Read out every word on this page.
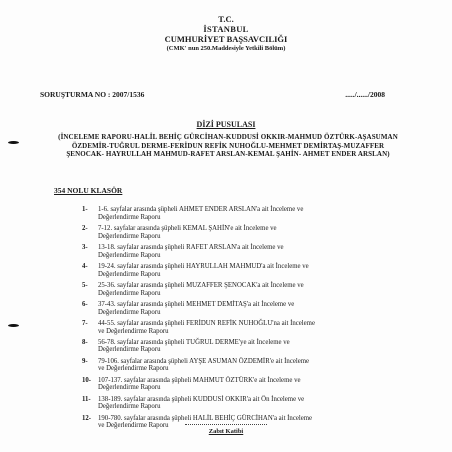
T.C.
İSTANBUL
CUMHURİYET BAŞSAVCILIĞI
(CMK' nun 250.Maddesiyle Yetkili Bölüm)
SORUŞTURMA NO : 2007/1536	...../....../2008
DİZİ PUSULASI
(İNCELEME RAPORU-HALİL BEHİÇ GÜRCİHAN-KUDDUSİ OKKIR-MAHMUD ÖZTÜRK-AŞASUMAN ÖZDEMİR-TUĞRUL DERME-FERİDUN REFİK NUHOĞLU-MEHMET DEMİRTAŞ-MUZAFFER ŞENOCAK- HAYRULLAH MAHMUD-RAFET ARSLAN-KEMAL ŞAHİN- AHMET ENDER ARSLAN)
354 NOLU KLASÖR
1- 1-6. sayfalar arasında şüpheli AHMET ENDER ARSLAN'a ait İnceleme ve
Değerlendirme Raporu
2- 7-12. sayfalar arasında şüpheli KEMAL ŞAHİN'e ait İnceleme ve
Değerlendirme Raporu
3- 13-18. sayfalar arasında şüpheli RAFET ARSLAN'a ait İnceleme ve
Değerlendirme Raporu
4- 19-24. sayfalar arasında şüpheli HAYRULLAH MAHMUD'a ait İnceleme ve
Değerlendirme Raporu
5- 25-36. sayfalar arasında şüpheli MUZAFFER ŞENOCAK'a ait İnceleme ve
Değerlendirme Raporu
6- 37-43. sayfalar arasında şüpheli MEHMET DEMİTAŞ'a ait İnceleme ve
Değerlendirme Raporu
7- 44-55. sayfalar arasında şüpheli FERİDUN REFİK NUHOĞLU'na ait İnceleme
ve Değerlendirme Raporu
8- 56-78. sayfalar arasında şüpheli TUĞRUL DERME'ye ait İnceleme ve
Değerlendirme Raporu
9- 79-106. sayfalar arasında şüpheli AYŞE ASUMAN ÖZDEMİR'e ait İnceleme
ve Değerlendirme Raporu
10- 107-137. sayfalar arasında şüpheli MAHMUT ÖZTÜRK'e ait İnceleme ve
Değerlendirme Raporu
11- 138-189. sayfalar arasında şüpheli KUDDUSİ OKKIR'a ait Ön İnceleme ve
Değerlendirme Raporu
12- 190-780. sayfalar arasında şüpheli HALİL BEHİÇ GÜRCİHAN'a ait İnceleme
ve Değerlendirme Raporu
Zabıt Katibi
